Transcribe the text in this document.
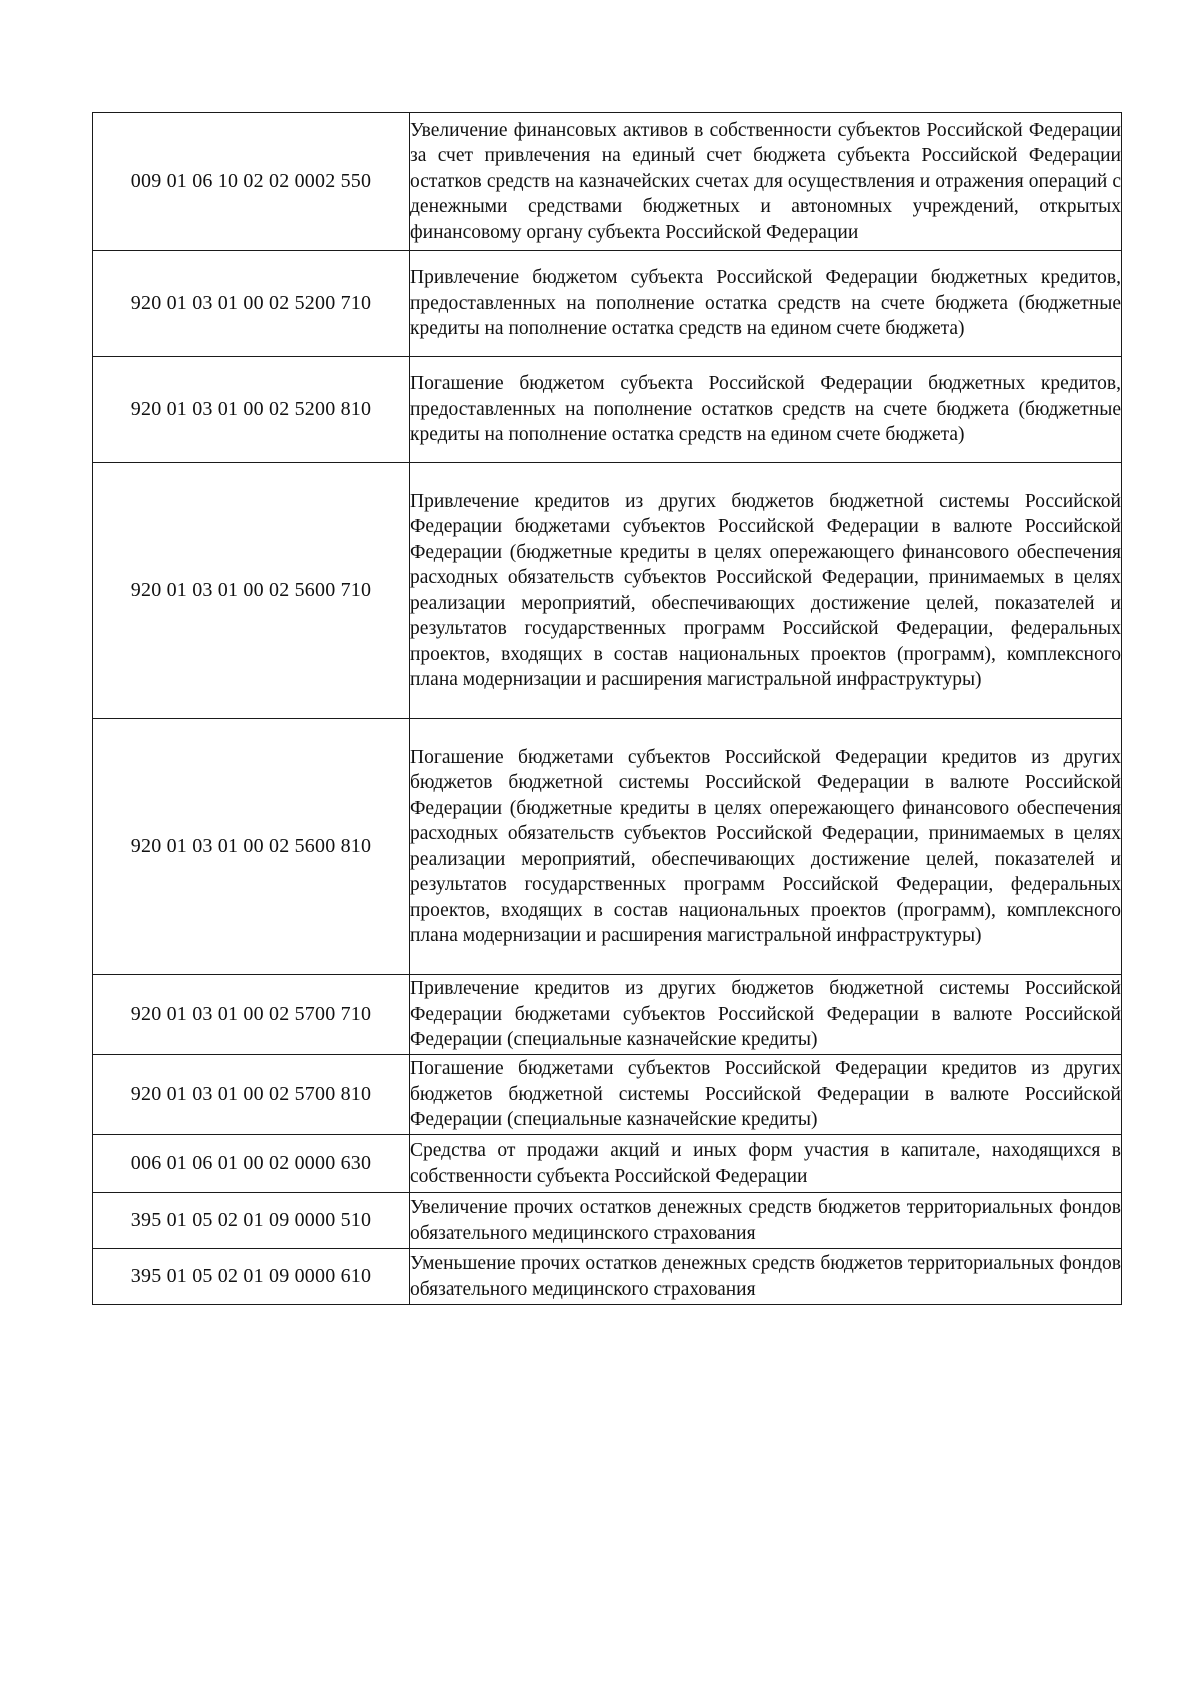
009 01 06 10 02 02 0002 550	Увеличение финансовых активов в собственности субъектов Российской Федерации за счет привлечения на единый счет бюджета субъекта Российской Федерации остатков средств на казначейских счетах для осуществления и отражения операций с денежными средствами бюджетных и автономных учреждений, открытых финансовому органу субъекта Российской Федерации
920 01 03 01 00 02 5200 710	Привлечение бюджетом субъекта Российской Федерации бюджетных кредитов, предоставленных на пополнение остатка средств на счете бюджета (бюджетные кредиты на пополнение остатка средств на едином счете бюджета)
920 01 03 01 00 02 5200 810	Погашение бюджетом субъекта Российской Федерации бюджетных кредитов, предоставленных на пополнение остатков средств на счете бюджета (бюджетные кредиты на пополнение остатка средств на едином счете бюджета)
920 01 03 01 00 02 5600 710	Привлечение кредитов из других бюджетов бюджетной системы Российской Федерации бюджетами субъектов Российской Федерации в валюте Российской Федерации (бюджетные кредиты в целях опережающего финансового обеспечения расходных обязательств субъектов Российской Федерации, принимаемых в целях реализации мероприятий, обеспечивающих достижение целей, показателей и результатов государственных программ Российской Федерации, федеральных проектов, входящих в состав национальных проектов (программ), комплексного плана модернизации и расширения магистральной инфраструктуры)
920 01 03 01 00 02 5600 810	Погашение бюджетами субъектов Российской Федерации кредитов из других бюджетов бюджетной системы Российской Федерации в валюте Российской Федерации (бюджетные кредиты в целях опережающего финансового обеспечения расходных обязательств субъектов Российской Федерации, принимаемых в целях реализации мероприятий, обеспечивающих достижение целей, показателей и результатов государственных программ Российской Федерации, федеральных проектов, входящих в состав национальных проектов (программ), комплексного плана модернизации и расширения магистральной инфраструктуры)
920 01 03 01 00 02 5700 710	Привлечение кредитов из других бюджетов бюджетной системы Российской Федерации бюджетами субъектов Российской Федерации в валюте Российской Федерации (специальные казначейские кредиты)
920 01 03 01 00 02 5700 810	Погашение бюджетами субъектов Российской Федерации кредитов из других бюджетов бюджетной системы Российской Федерации в валюте Российской Федерации (специальные казначейские кредиты)
006 01 06 01 00 02 0000 630	Средства от продажи акций и иных форм участия в капитале, находящихся в собственности субъекта Российской Федерации
395 01 05 02 01 09 0000 510	Увеличение прочих остатков денежных средств бюджетов территориальных фондов обязательного медицинского страхования
395 01 05 02 01 09 0000 610	Уменьшение прочих остатков денежных средств бюджетов территориальных фондов обязательного медицинского страхования
